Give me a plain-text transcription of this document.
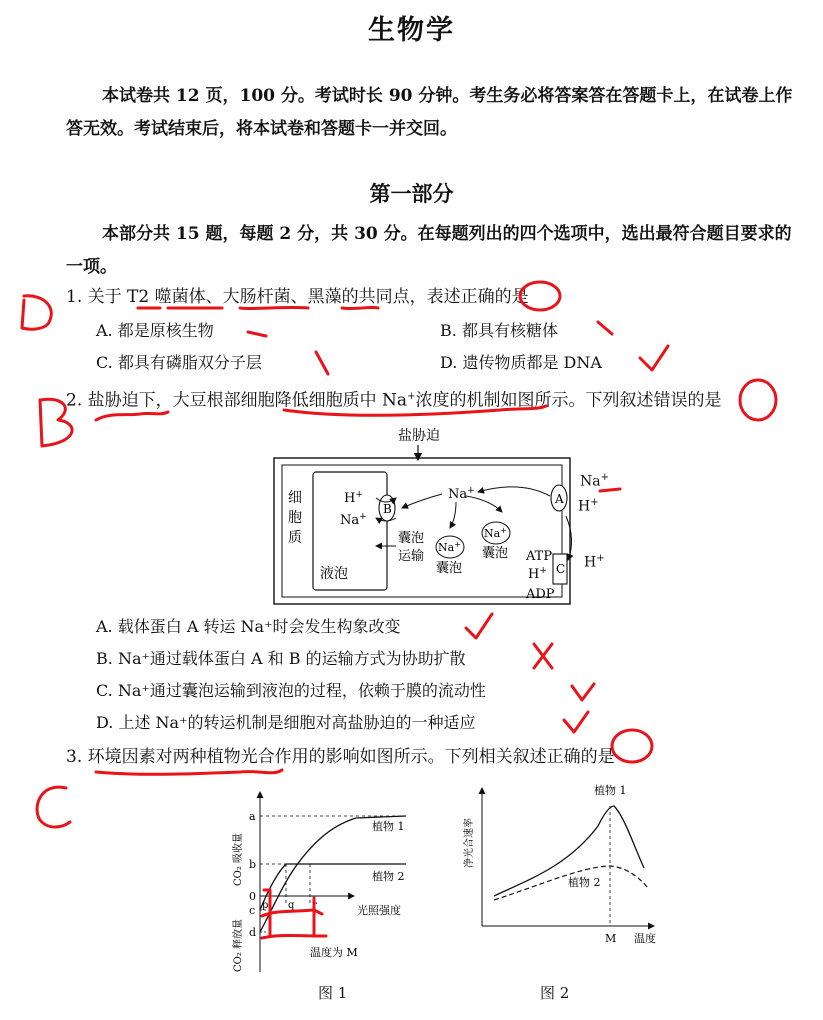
生物学
本试卷共 12 页，100 分。考试时长 90 分钟。考生务必将答案答在答题卡上，在试卷上作答无效。考试结束后，将本试卷和答题卡一并交回。
第一部分
本部分共 15 题，每题 2 分，共 30 分。在每题列出的四个选项中，选出最符合题目要求的一项。
1. 关于 T2 噬菌体、大肠杆菌、黑藻的共同点，表述正确的是
A. 都是原核生物	B. 都具有核糖体
C. 都具有磷脂双分子层	D. 遗传物质都是 DNA
2. 盐胁迫下，大豆根部细胞降低细胞质中 Na+浓度的机制如图所示。下列叙述错误的是
盐胁迫
细
胞
质
液泡
B
H+
Na+
Na+
囊泡
运输
Na+
囊泡
Na+
囊泡
A
ATP
H+
ADP
C
Na+
H+
H+
A. 载体蛋白 A 转运 Na⁺时会发生构象改变
B. Na⁺通过载体蛋白 A 和 B 的运输方式为协助扩散
C. Na⁺通过囊泡运输到液泡的过程，依赖于膜的流动性
D. 上述 Na⁺的转运机制是细胞对高盐胁迫的一种适应
3. 环境因素对两种植物光合作用的影响如图所示。下列相关叙述正确的是
a
b
0
c
d
p q r	光照强度
植物 1
植物 2
温度为 M
CO₂ 吸收量
CO₂ 释放量
图 1
植物 1
植物 2
M 温度
净光合速率
图 2
